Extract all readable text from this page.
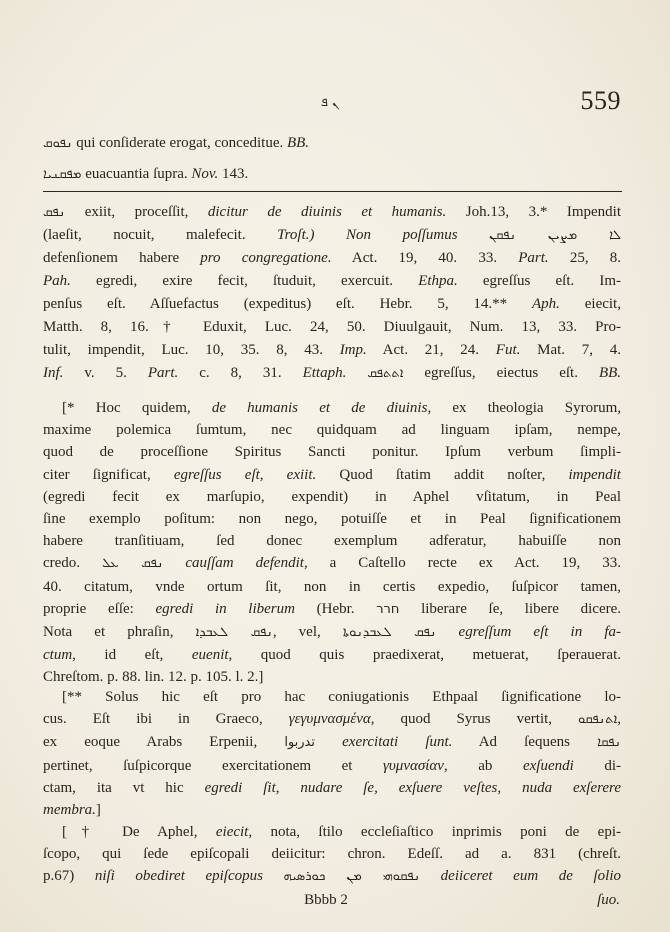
ܢ ܦ	559
ܢܦܘܩ qui conſiderate erogat, conceditue. BB.
ܡܦܩܢܝܐ euacuantia ſupra. Nov. 143.
ܢܦܩ exiit, proceſſit, dicitur de diuinis et humanis. Joh.13, 3.* Impendit
(laeſit, nocuit, malefecit. Troſt.) Non poſſumus ܠܐ ܡܨܝܢ ܢܦܩܢ
defenſionem habere pro congregatione. Act. 19, 40. 33. Part. 25, 8.
Pah. egredi, exire fecit, ſtuduit, exercuit. Ethpa. egreſſus eſt. Im-
penſus eſt. Aſſuefactus (expeditus) eſt. Hebr. 5, 14.** Aph. eiecit,
Matth. 8, 16.† Eduxit, Luc. 24, 50. Diuulgauit, Num. 13, 33. Pro-
tulit, impendit, Luc. 10, 35. 8, 43. Imp. Act. 21, 24. Fut. Mat. 7, 4.
Inf. v. 5. Part. c. 8, 31. Ettaph. ܐܬܬܦܩ egreſſus, eiectus eſt. BB.
[* Hoc quidem, de humanis et de diuinis, ex theologia Syrorum,
maxime polemica ſumtum, nec quidquam ad linguam ipſam, nempe,
quod de proceſſione Spiritus Sancti ponitur. Ipſum verbum ſimpli-
citer ſignificat, egreſſus eſt, exiit. Quod ſtatim addit noſter, impendit
(egredi fecit ex marſupio, expendit) in Aphel vſitatum, in Peal
ſine exemplo poſitum: non nego, potuiſſe et in Peal ſignificationem
habere tranſitiuam, ſed donec exemplum adferatur, habuiſſe non
credo. ܢܦܩ ܥܠ cauſſam defendit, a Caſtello recte ex Act. 19, 33.
40. citatum, vnde ortum ſit, non in certis expedio, ſuſpicor tamen,
proprie eſſe: egredi in liberum (Hebr. חרר liberare ſe, libere dicere.
Nota et phraſin, ܢܦܩ ܠܥܒܕܐ, vel, ܢܦܩ ܠܥܒܕܢܘܬܐ egreſſum eſt in fa-
ctum, id eſt, euenit, quod quis praedixerat, metuerat, ſperauerat.
Chreſtom. p. 88. lin. 12. p. 105. l. 2.]
[** Solus hic eſt pro hac coniugationis Ethpaal ſignificatione lo-
cus. Eſt ibi in Graeco, γεγυμνασμένα, quod Syrus vertit, ܐܬܢܦܩܘ,
ex eoque Arabs Erpenii, تدربوا exercitati ſunt. Ad ſequens ܢܦܩܐ
pertinet, ſuſpicorque exercitationem et γυμνασίαν, ab exſuendi di-
ctam, ita vt hic egredi ſit, nudare ſe, exſuere veſtes, nuda exſerere
membra.]
[† De Aphel, eiecit, nota, ſtilo eccleſiaſtico inprimis poni de epi-
ſcopo, qui ſede epiſcopali deiicitur: chron. Edeſſ. ad a. 831 (chreſt.
p.67) niſi obediret epiſcopus ܢܦܩܘܗܝ ܡܢ ܟܘܪܣܝܗ deiiceret eum de ſolio
Bbbb 2	ſuo.
